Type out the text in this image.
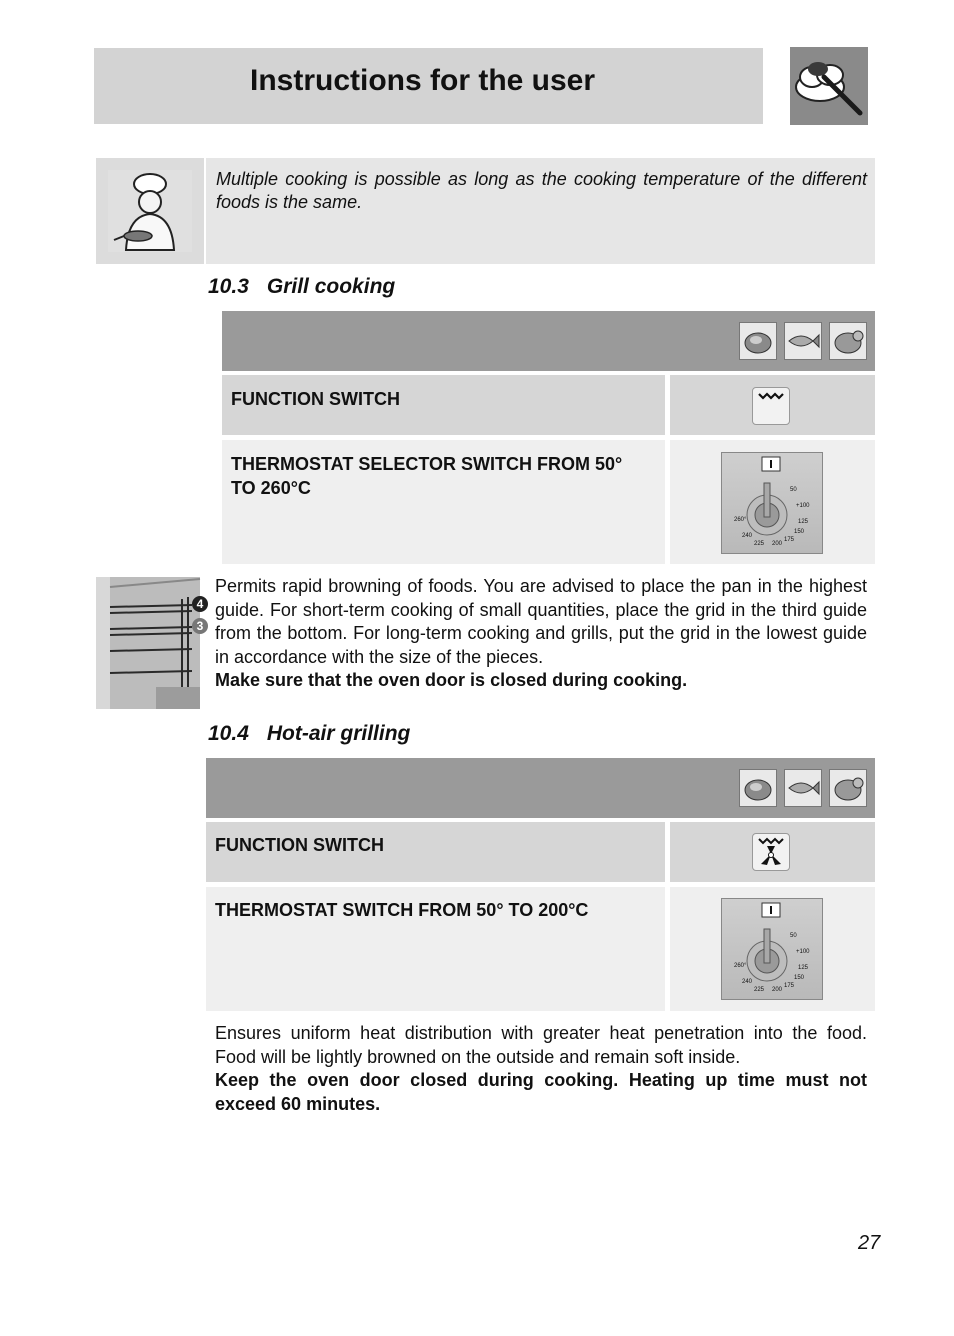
Instructions for the user
Multiple cooking is possible as long as the cooking temperature of the different foods is the same.
10.3 Grill cooking
FUNCTION SWITCH
THERMOSTAT SELECTOR SWITCH FROM 50° TO 260°C	50
+100
125
150
175
200
225
240
260°
4
3
Permits rapid browning of foods. You are advised to place the pan in the highest guide. For short-term cooking of small quantities, place the grid in the third guide from the bottom. For long-term cooking and grills, put the grid in the lowest guide in accordance with the size of the pieces.
Make sure that the oven door is closed during cooking.
10.4 Hot-air grilling
FUNCTION SWITCH
THERMOSTAT SWITCH FROM 50° TO 200°C
50
+100
125
150
175
200
225
240
260°
Ensures uniform heat distribution with greater heat penetration into the food. Food will be lightly browned on the outside and remain soft inside.
Keep the oven door closed during cooking. Heating up time must not exceed 60 minutes.
27
